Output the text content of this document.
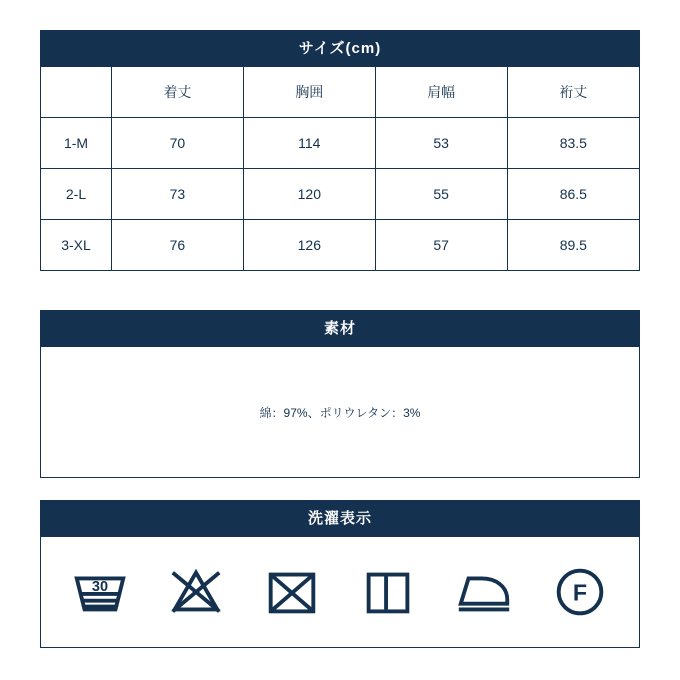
サイズ(cm)
	着丈	胸囲	肩幅	裄丈
1-M	70	114	53	83.5
2-L	73	120	55	86.5
3-XL	76	126	57	89.5
素材
綿：97%、ポリウレタン：3%
洗濯表示
30	F
